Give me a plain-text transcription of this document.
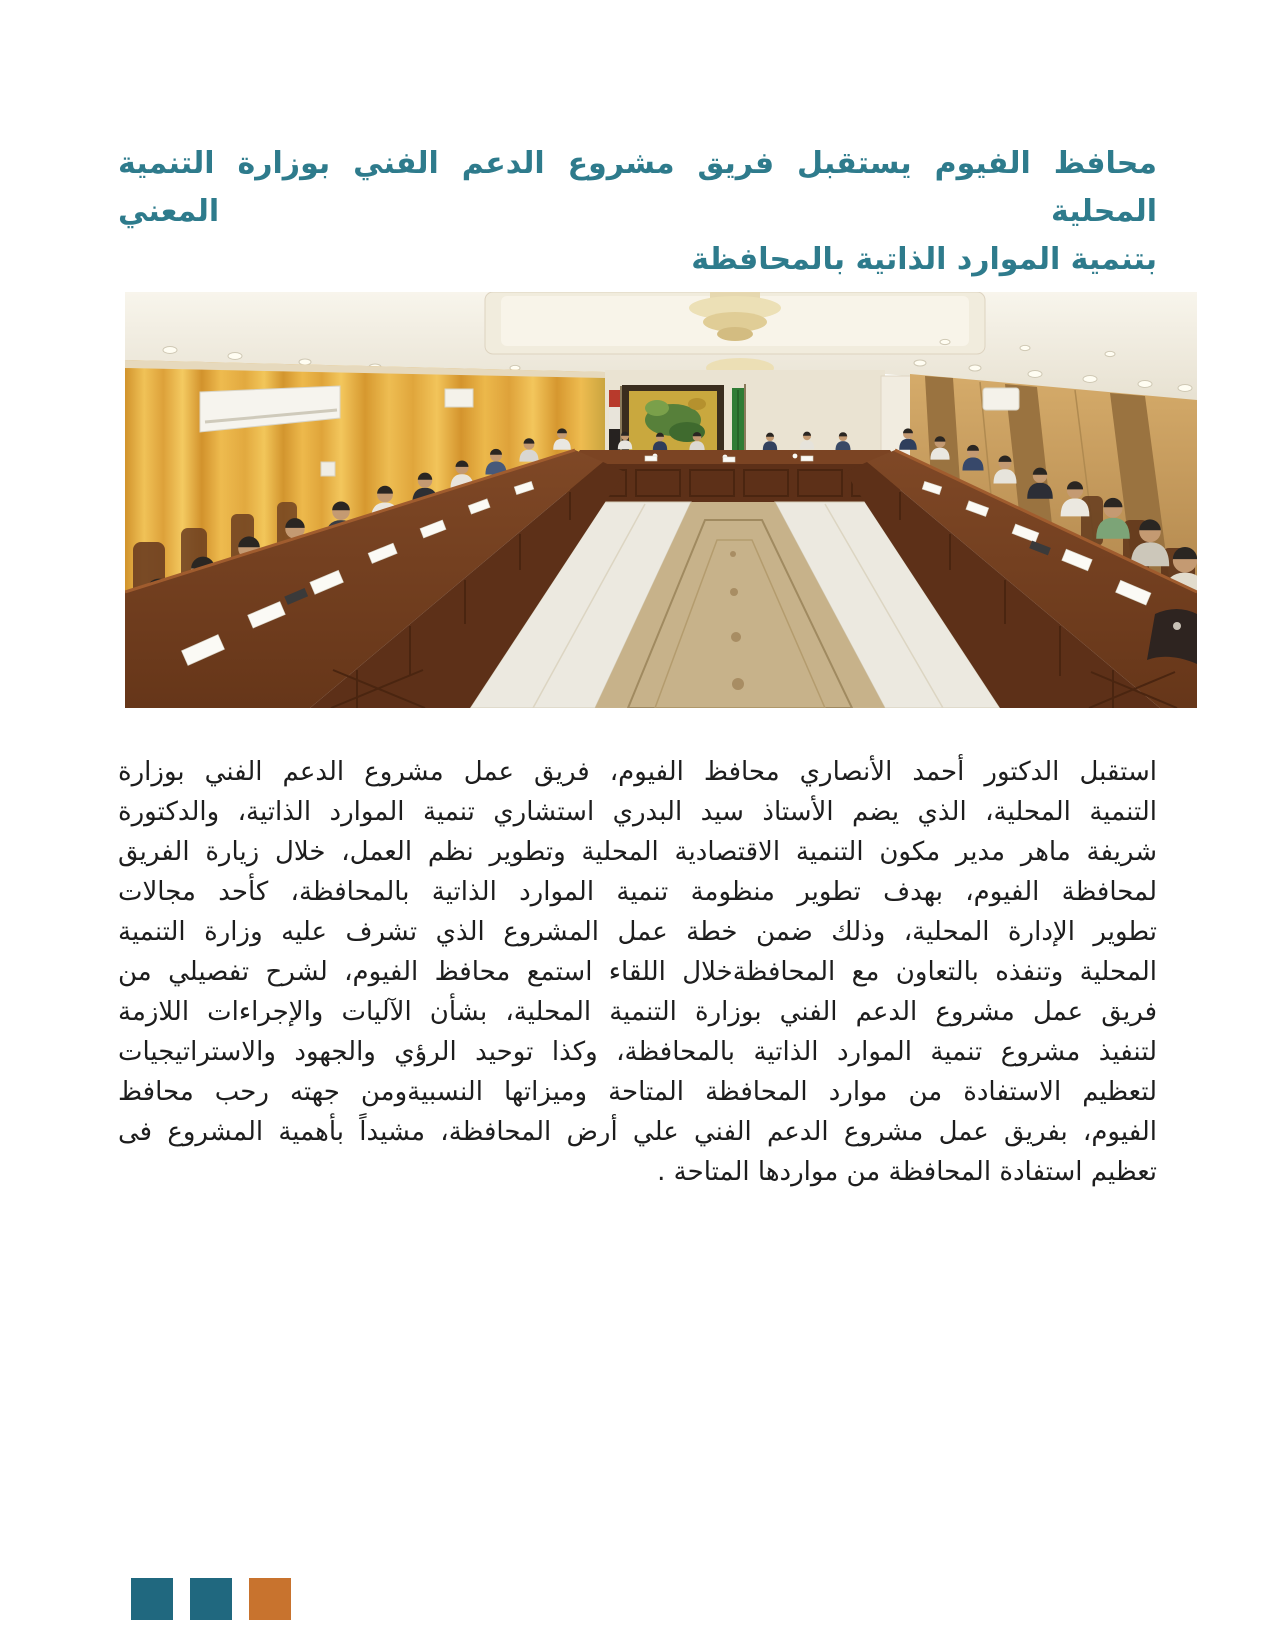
محافظ الفيوم يستقبل فريق مشروع الدعم الفني بوزارة التنمية المحلية المعني
بتنمية الموارد الذاتية بالمحافظة
استقبل الدكتور أحمد الأنصاري محافظ الفيوم، فريق عمل مشروع الدعم الفني بوزارة
التنمية المحلية، الذي يضم الأستاذ سيد البدري استشاري تنمية الموارد الذاتية، والدكتورة
شريفة ماهر مدير مكون التنمية الاقتصادية المحلية وتطوير نظم العمل، خلال زيارة الفريق
لمحافظة الفيوم، بهدف تطوير منظومة تنمية الموارد الذاتية بالمحافظة، كأحد مجالات
تطوير الإدارة المحلية، وذلك ضمن خطة عمل المشروع الذي تشرف عليه وزارة التنمية
المحلية وتنفذه بالتعاون مع المحافظةخلال اللقاء استمع محافظ الفيوم، لشرح تفصيلي من
فريق عمل مشروع الدعم الفني بوزارة التنمية المحلية، بشأن الآليات والإجراءات اللازمة
لتنفيذ مشروع تنمية الموارد الذاتية بالمحافظة، وكذا توحيد الرؤي والجهود والاستراتيجيات
لتعظيم الاستفادة من موارد المحافظة المتاحة وميزاتها النسبيةومن جهته رحب محافظ
الفيوم، بفريق عمل مشروع الدعم الفني علي أرض المحافظة، مشيداً بأهمية المشروع فى
تعظيم استفادة المحافظة من مواردها المتاحة .
